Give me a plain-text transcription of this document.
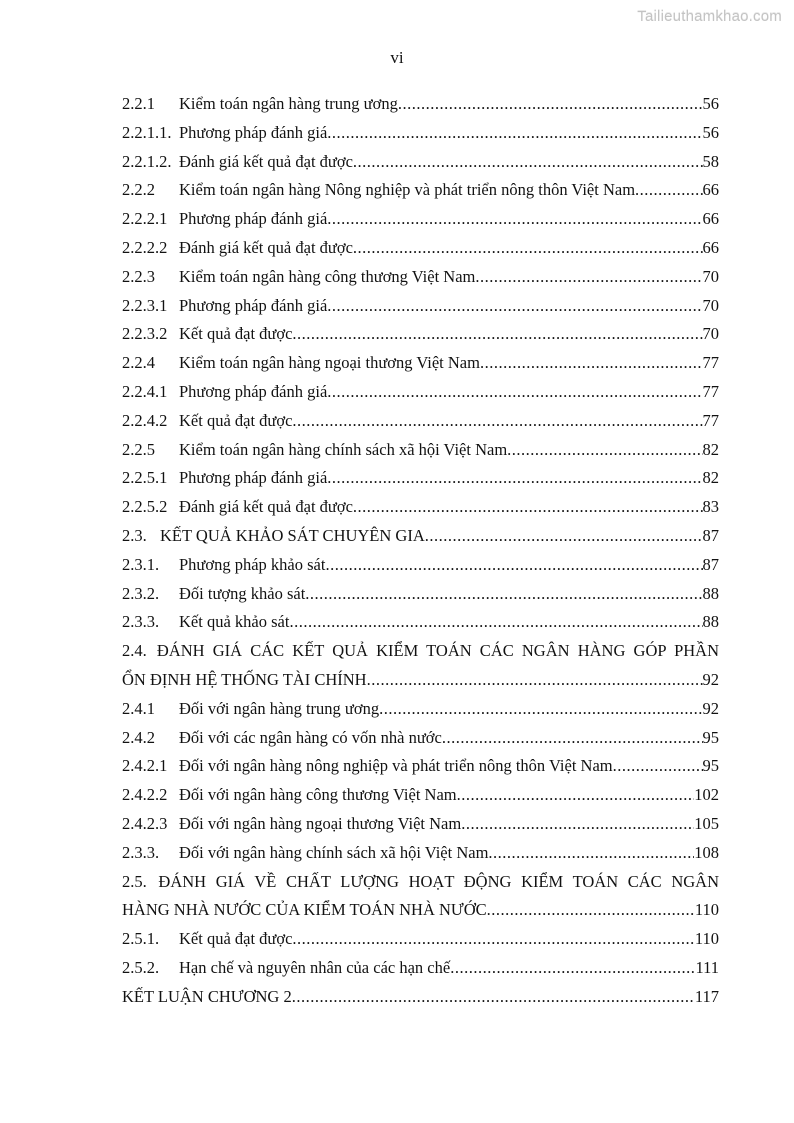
Tailieuthamkhao.com
vi
2.2.1	Kiểm toán ngân hàng trung ương .....	56
2.2.1.1. Phương pháp đánh giá .....	56
2.2.1.2. Đánh giá kết quả đạt được .....	58
2.2.2	Kiểm toán ngân hàng Nông nghiệp và phát triển nông thôn Việt Nam .....	66
2.2.2.1 Phương pháp đánh giá .....	66
2.2.2.2 Đánh giá kết quả đạt được .....	66
2.2.3	Kiểm toán ngân hàng công thương Việt Nam .....	70
2.2.3.1 Phương pháp đánh giá .....	70
2.2.3.2 Kết quả đạt được .....	70
2.2.4	Kiểm toán ngân hàng ngoại thương Việt Nam .....	77
2.2.4.1 Phương pháp đánh giá .....	77
2.2.4.2 Kết quả đạt được .....	77
2.2.5	Kiểm toán ngân hàng chính sách xã hội Việt Nam .....	82
2.2.5.1 Phương pháp đánh giá .....	82
2.2.5.2 Đánh giá kết quả đạt được .....	83
2.3. KẾT QUẢ KHẢO SÁT CHUYÊN GIA .....	87
2.3.1.	Phương pháp khảo sát .....	87
2.3.2.	Đối tượng khảo sát .....	88
2.3.3.	Kết quả khảo sát .....	88
2.4. ĐÁNH GIÁ CÁC KẾT QUẢ KIỂM TOÁN CÁC NGÂN HÀNG GÓP PHẦN
ỔN ĐỊNH HỆ THỐNG TÀI CHÍNH .....	92
2.4.1	Đối với ngân hàng trung ương .....	92
2.4.2	Đối với các ngân hàng có vốn nhà nước .....	95
2.4.2.1 Đối với ngân hàng nông nghiệp và phát triển nông thôn Việt Nam .....	95
2.4.2.2 Đối với ngân hàng công thương Việt Nam .....	102
2.4.2.3 Đối với ngân hàng ngoại thương Việt Nam .....	105
2.3.3.	Đối với ngân hàng chính sách xã hội Việt Nam .....	108
2.5. ĐÁNH GIÁ VỀ CHẤT LƯỢNG HOẠT ĐỘNG KIỂM TOÁN CÁC NGÂN
HÀNG NHÀ NƯỚC CỦA KIỂM TOÁN NHÀ NƯỚC .....	110
2.5.1.	Kết quả đạt được .....	110
2.5.2.	Hạn chế và nguyên nhân của các hạn chế .....	111
KẾT LUẬN CHƯƠNG 2 .....	117
